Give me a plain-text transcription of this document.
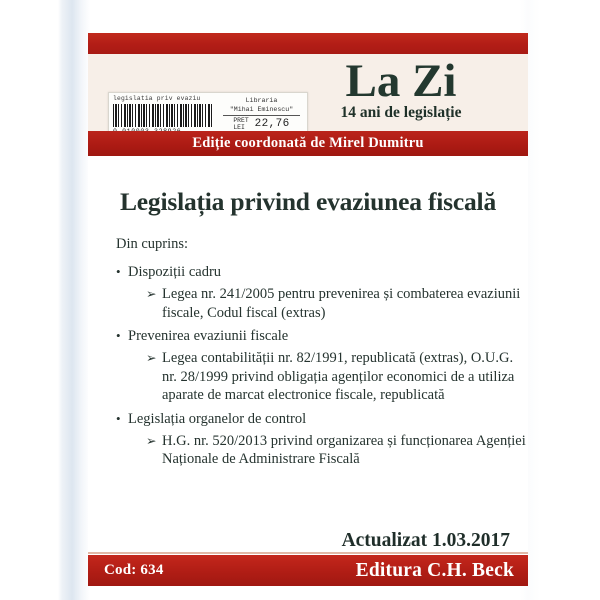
La Zi
14 ani de legislație
legislatia priv evaziu	Libraria
"Mihai Eminescu"
PRET
LEI 22,76
Ediție coordonată de Mirel Dumitru
Legislația privind evaziunea fiscală
Din cuprins:
• Dispoziții cadru
➢ Legea nr. 241/2005 pentru prevenirea și combaterea evaziunii fiscale, Codul fiscal (extras)
• Prevenirea evaziunii fiscale
➢ Legea contabilității nr. 82/1991, republicată (extras), O.U.G. nr. 28/1999 privind obligația agenților economici de a utiliza aparate de marcat electronice fiscale, republicată
• Legislația organelor de control
➢ H.G. nr. 520/2013 privind organizarea și funcționarea Agenției Naționale de Administrare Fiscală
Actualizat 1.03.2017
Cod: 634	Editura C.H. Beck
